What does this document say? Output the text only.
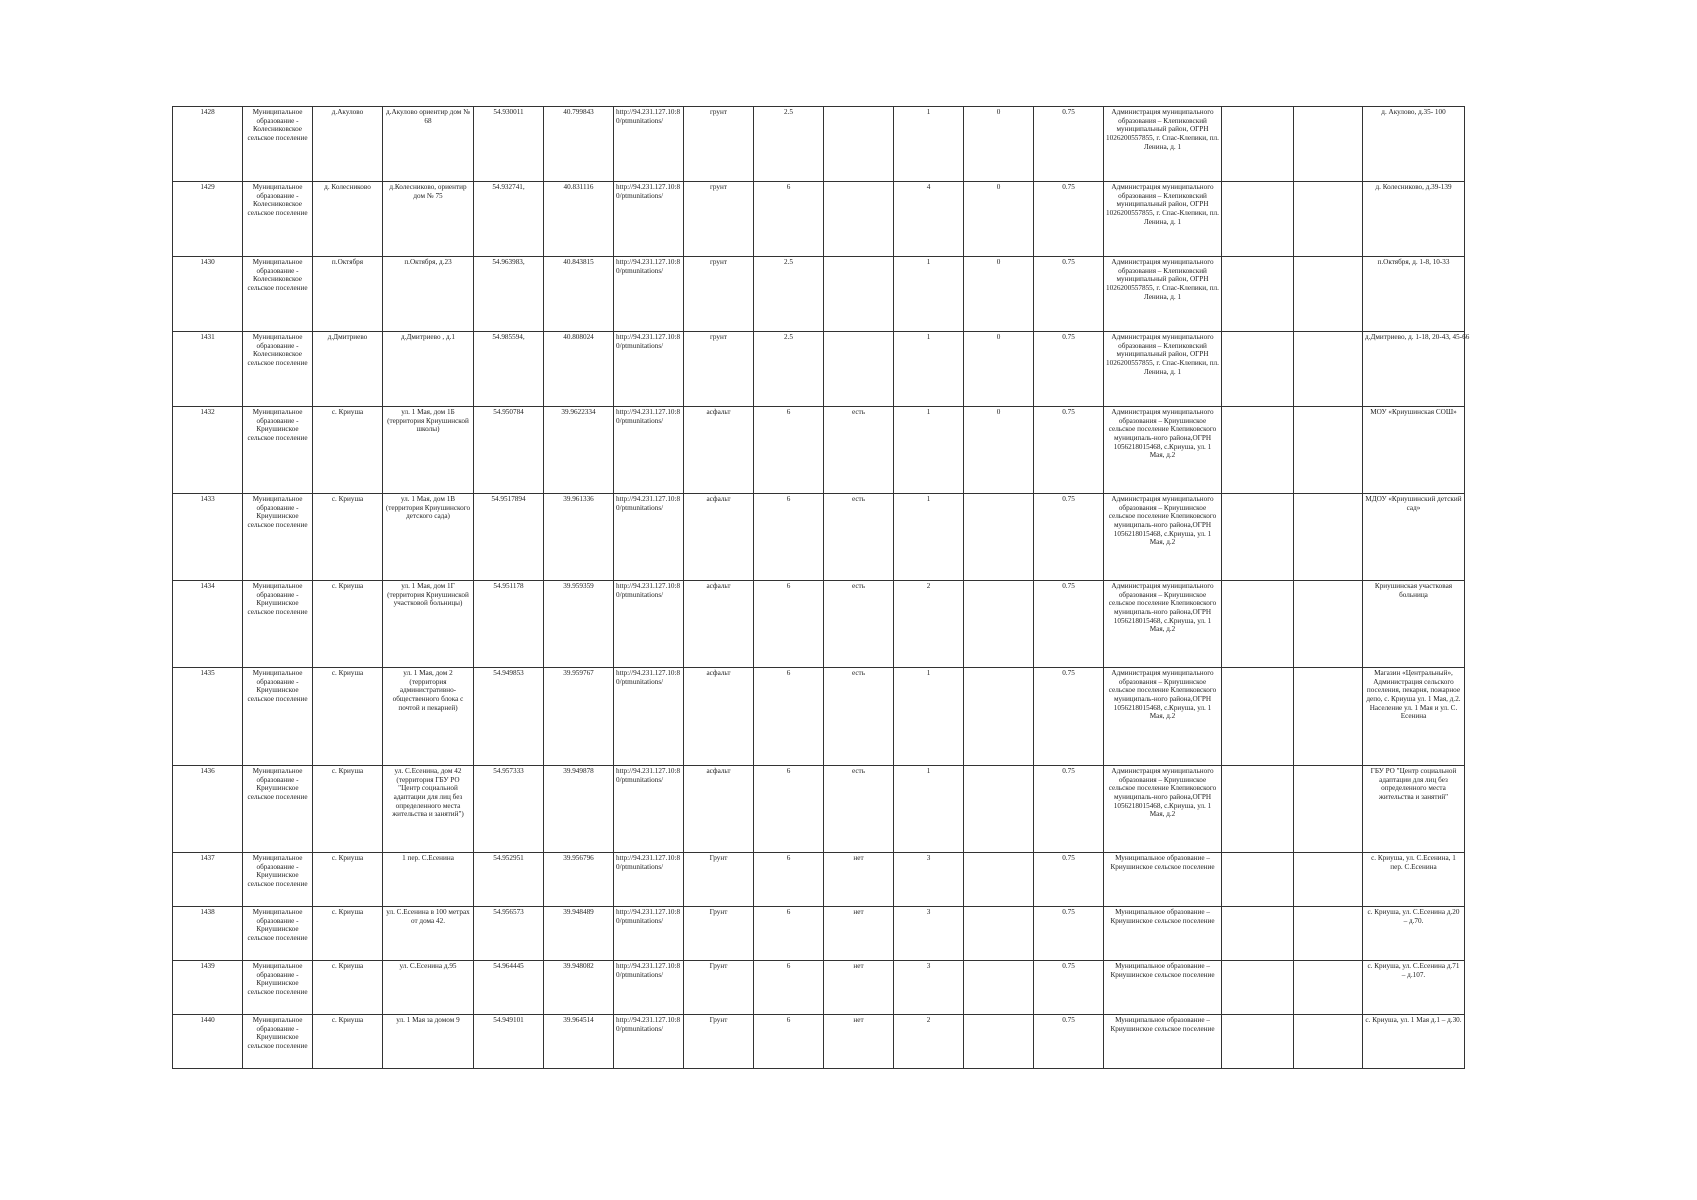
1428	Муниципальное образование - Колесниковское сельское поселение	д.Акулово	д.Акулово ориентир дом № 68	54.930011	40.799843	http://94.231.127.10:80/ptmunitations/	грунт	2.5		1	0	0.75	Администрация муниципального образования – Клепиковский муниципальный район, ОГРН 1026200557855, г. Спас-Клепики, пл. Ленина, д. 1			д. Акулово, д.35- 100
1429	Муниципальное образование - Колесниковское сельское поселение	д. Колесниково	д.Колесниково, ориентир дом № 75	54.932741,	40.831116	http://94.231.127.10:80/ptmunitations/	грунт	6		4	0	0.75	Администрация муниципального образования – Клепиковский муниципальный район, ОГРН 1026200557855, г. Спас-Клепики, пл. Ленина, д. 1			д. Колесниково, д.39-139
1430	Муниципальное образование - Колесниковское сельское поселение	п.Октября	п.Октября, д.23	54.963983,	40.843815	http://94.231.127.10:80/ptmunitations/	грунт	2.5		1	0	0.75	Администрация муниципального образования – Клепиковский муниципальный район, ОГРН 1026200557855, г. Спас-Клепики, пл. Ленина, д. 1			п.Октября, д. 1-8, 10-33
1431	Муниципальное образование - Колесниковское сельское поселение	д.Дмитриево	д.Дмитриево , д.1	54.985594,	40.808024	http://94.231.127.10:80/ptmunitations/	грунт	2.5		1	0	0.75	Администрация муниципального образования – Клепиковский муниципальный район, ОГРН 1026200557855, г. Спас-Клепики, пл. Ленина, д. 1			д.Дмитриево, д. 1-18, 20-43, 45-66
1432	Муниципальное образование - Криушинское сельское поселение	с. Криуша	ул. 1 Мая, дом 1Б (территория Криушинской школы)	54.950784	39.9622334	http://94.231.127.10:80/ptmunitations/	асфальт	6	есть	1	0	0.75	Администрация муниципального образования – Криушинское сельское поселение Клепиковского муниципаль-ного района,ОГРН 1056218015468, с.Криуша, ул. 1 Мая, д.2			МОУ «Криушинская СОШ»
1433	Муниципальное образование - Криушинское сельское поселение	с. Криуша	ул. 1 Мая, дом 1В (территория Криушинского детского сада)	54.9517894	39.961336	http://94.231.127.10:80/ptmunitations/	асфальт	6	есть	1		0.75	Администрация муниципального образования – Криушинское сельское поселение Клепиковского муниципаль-ного района,ОГРН 1056218015468, с.Криуша, ул. 1 Мая, д.2			МДОУ «Криушинский детский сад»
1434	Муниципальное образование - Криушинское сельское поселение	с. Криуша	ул. 1 Мая, дом 1Г (территория Криушинской участковой больницы)	54.951178	39.959359	http://94.231.127.10:80/ptmunitations/	асфальт	6	есть	2		0.75	Администрация муниципального образования – Криушинское сельское поселение Клепиковского муниципаль-ного района,ОГРН 1056218015468, с.Криуша, ул. 1 Мая, д.2			Криушинская участковая больница
1435	Муниципальное образование - Криушинское сельское поселение	с. Криуша	ул. 1 Мая, дом 2 (территория административно-общественного блока с почтой и пекарней)	54.949853	39.959767	http://94.231.127.10:80/ptmunitations/	асфальт	6	есть	1		0.75	Администрация муниципального образования – Криушинское сельское поселение Клепиковского муниципаль-ного района,ОГРН 1056218015468, с.Криуша, ул. 1 Мая, д.2			Магазин «Центральный», Администрация сельского поселения, пекарня, пожарное депо, с. Криуша ул. 1 Мая, д.2. Население ул. 1 Мая и ул. С. Есенина
1436	Муниципальное образование - Криушинское сельское поселение	с. Криуша	ул. С.Есенина, дом 42 (территория ГБУ РО "Центр социальной адаптации для лиц без определенного места жительства и занятий")	54.957333	39.949878	http://94.231.127.10:80/ptmunitations/	асфальт	6	есть	1		0.75	Администрация муниципального образования – Криушинское сельское поселение Клепиковского муниципаль-ного района,ОГРН 1056218015468, с.Криуша, ул. 1 Мая, д.2			ГБУ РО "Центр социальной адаптации для лиц без определенного места жительства и занятий"
1437	Муниципальное образование - Криушинское сельское поселение	с. Криуша	1 пер. С.Есенина	54.952951	39.956796	http://94.231.127.10:80/ptmunitations/	Грунт	6	нет	3		0.75	Муниципальное образование – Криушинское сельское поселение			с. Криуша, ул. С.Есенина, 1 пер. С.Есенина
1438	Муниципальное образование - Криушинское сельское поселение	с. Криуша	ул. С.Есенина в 100 метрах от дома 42.	54.956573	39.948489	http://94.231.127.10:80/ptmunitations/	Грунт	6	нет	3		0.75	Муниципальное образование – Криушинское сельское поселение			с. Криуша, ул. С.Есенина д.20 – д.70.
1439	Муниципальное образование - Криушинское сельское поселение	с. Криуша	ул. С.Есенина д.95	54.964445	39.948082	http://94.231.127.10:80/ptmunitations/	Грунт	6	нет	3		0.75	Муниципальное образование – Криушинское сельское поселение			с. Криуша, ул. С.Есенина д.71 – д.107.
1440	Муниципальное образование - Криушинское сельское поселение	с. Криуша	ул. 1 Мая за домом 9	54.949101	39.964514	http://94.231.127.10:80/ptmunitations/	Грунт	6	нет	2		0.75	Муниципальное образование – Криушинское сельское поселение			с. Криуша, ул. 1 Мая д.1 – д.30.
